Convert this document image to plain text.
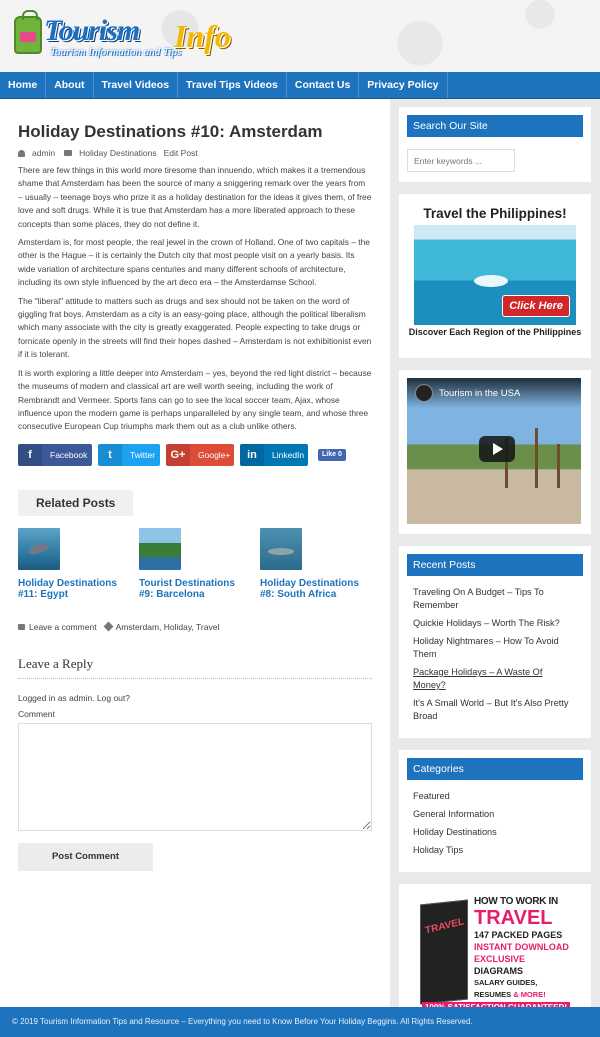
Tourism Info
Tourism Information and Tips
Home	About	Travel Videos	Travel Tips Videos	Contact Us	Privacy Policy
Holiday Destinations #10: Amsterdam
admin	Holiday Destinations Edit Post

There are few things in this world more tiresome than innuendo, which makes it a tremendous shame that Amsterdam has been the source of many a sniggering remark over the years from – usually – teenage boys who prize it as a holiday destination for the ideas it gives them, of free love and soft drugs. While it is true that Amsterdam has a more liberated approach to these concepts than some places, they do not define it.

Amsterdam is, for most people, the real jewel in the crown of Holland. One of two capitals – the other is the Hague – it is certainly the Dutch city that most people visit on a yearly basis. Its wide variation of architecture spans centuries and many different schools of architecture, including its own style influenced by the art deco era – the Amsterdamse School.

The "liberal" attitude to matters such as drugs and sex should not be taken on the word of giggling frat boys. Amsterdam as a city is an easy-going place, although the political liberalism which many associate with the city is greatly exaggerated. People expecting to take drugs or fornicate openly in the streets will find their hopes dashed – Amsterdam is not exhibitionist even if it is tolerant.

It is worth exploring a little deeper into Amsterdam – yes, beyond the red light district – because the museums of modern and classical art are well worth seeing, including the work of Rembrandt and Vermeer. Sports fans can go to see the local soccer team, Ajax, whose influence upon the modern game is perhaps unparalleled by any single team, and whose three consecutive European Cup triumphs mark them out as a club unlike others.

f	Facebook	t	Twitter	G+	Google+	in	LinkedIn	Like 0
Related Posts
Holiday Destinations #11: Egypt
Tourist Destinations #9: Barcelona
Holiday Destinations #8: South Africa
Leave a comment Amsterdam, Holiday, Travel
Leave a Reply
Logged in as admin. Log out?
Comment
Post Comment
Search Our Site
Enter keywords ...
Travel the Philippines!
Click Here
Discover Each Region of the Philippines
Tourism in the USA
Recent Posts
Traveling On A Budget – Tips To Remember
Quickie Holidays – Worth The Risk?
Holiday Nightmares – How To Avoid Them
Package Holidays – A Waste Of Money?
It's A Small World – But It's Also Pretty Broad
Categories
Featured
General Information
Holiday Destinations
Holiday Tips
TRAVEL
HOW TO WORK IN
TRAVEL
147 PACKED PAGES
INSTANT DOWNLOAD
EXCLUSIVE DIAGRAMS
SALARY GUIDES, RESUMES & MORE!
© 2019 Tourism Information Tips and Resource – Everything you need to Know Before Your Holiday Beggins. All Rights Reserved.
